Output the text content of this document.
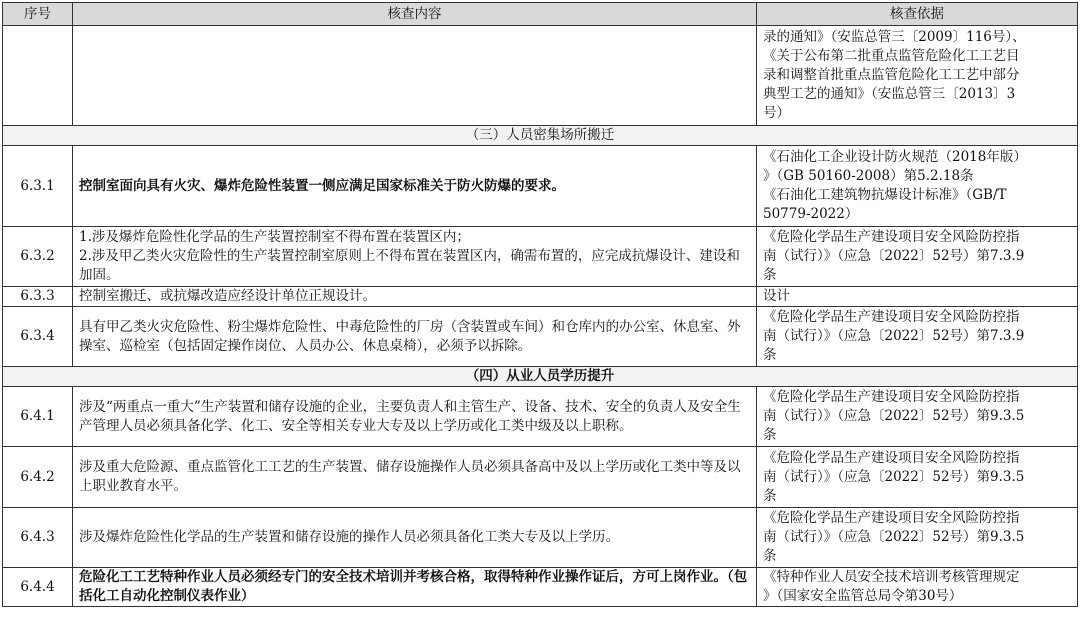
序号	核查内容	核查依据
		录的通知》（安监总管三〔2009〕116号）、
《关于公布第二批重点监管危险化工工艺目
录和调整首批重点监管危险化工工艺中部分
典型工艺的通知》（安监总管三〔2013〕3
号）
（三）人员密集场所搬迁		
6.3.1	控制室面向具有火灾、爆炸危险性装置一侧应满足国家标准关于防火防爆的要求。	《石油化工企业设计防火规范（2018年版）
》（GB 50160-2008）第5.2.18条
《石油化工建筑物抗爆设计标准》（GB/T
50779-2022）
6.3.2	1.涉及爆炸危险性化学品的生产装置控制室不得布置在装置区内；
2.涉及甲乙类火灾危险性的生产装置控制室原则上不得布置在装置区内，确需布置的，应完成抗爆设计、建设和加固。	《危险化学品生产建设项目安全风险防控指
南（试行）》（应急〔2022〕52号）第7.3.9
条
6.3.3	控制室搬迁、或抗爆改造应经设计单位正规设计。	设计
6.3.4	具有甲乙类火灾危险性、粉尘爆炸危险性、中毒危险性的厂房（含装置或车间）和仓库内的办公室、休息室、外操室、巡检室（包括固定操作岗位、人员办公、休息桌椅），必须予以拆除。	《危险化学品生产建设项目安全风险防控指
南（试行）》（应急〔2022〕52号）第7.3.9
条
（四）从业人员学历提升		
6.4.1	涉及“两重点一重大”生产装置和储存设施的企业，主要负责人和主管生产、设备、技术、安全的负责人及安全生产管理人员必须具备化学、化工、安全等相关专业大专及以上学历或化工类中级及以上职称。	《危险化学品生产建设项目安全风险防控指
南（试行）》（应急〔2022〕52号）第9.3.5
条
6.4.2	涉及重大危险源、重点监管化工工艺的生产装置、储存设施操作人员必须具备高中及以上学历或化工类中等及以上职业教育水平。	《危险化学品生产建设项目安全风险防控指
南（试行）》（应急〔2022〕52号）第9.3.5
条
6.4.3	涉及爆炸危险性化学品的生产装置和储存设施的操作人员必须具备化工类大专及以上学历。	《危险化学品生产建设项目安全风险防控指
南（试行）》（应急〔2022〕52号）第9.3.5
条
6.4.4	危险化工工艺特种作业人员必须经专门的安全技术培训并考核合格，取得特种作业操作证后，方可上岗作业。（包括化工自动化控制仪表作业）	《特种作业人员安全技术培训考核管理规定
》（国家安全监管总局令第30号）
